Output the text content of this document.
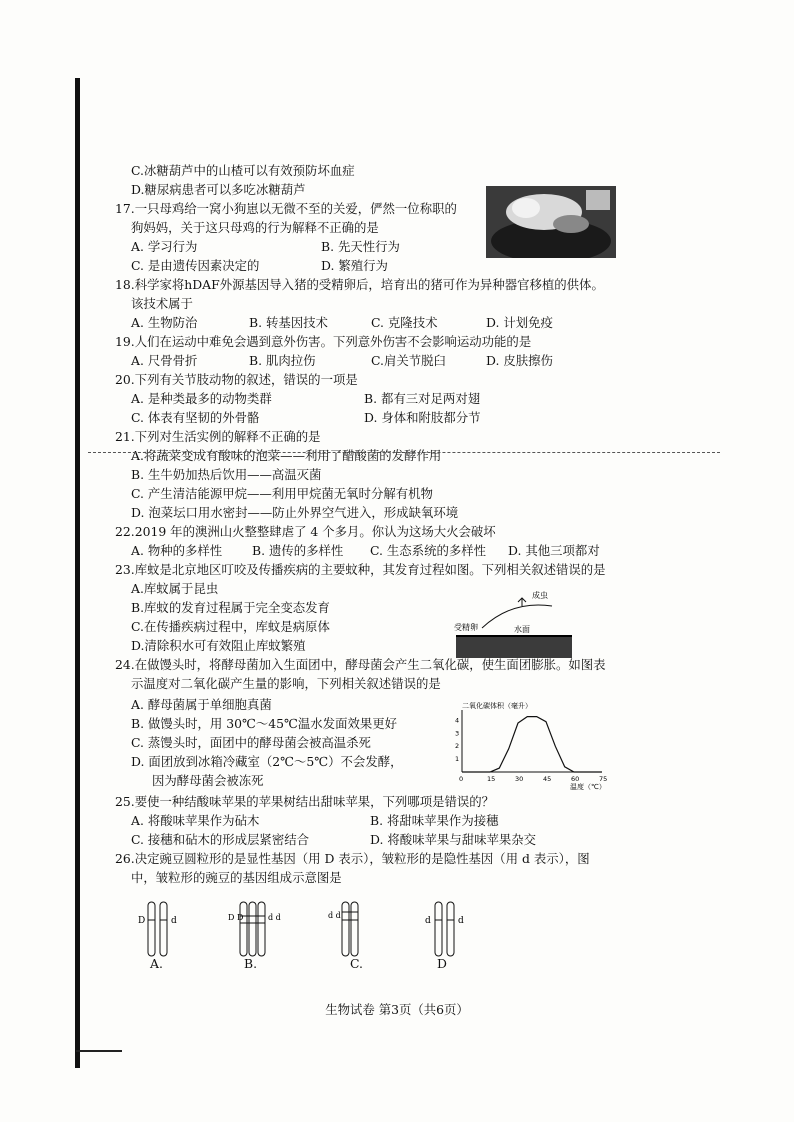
C.冰糖葫芦中的山楂可以有效预防坏血症
D.糖尿病患者可以多吃冰糖葫芦
17.一只母鸡给一窝小狗崽以无微不至的关爱，俨然一位称职的
狗妈妈，关于这只母鸡的行为解释不正确的是
A. 学习行为	B. 先天性行为
C. 是由遗传因素决定的	D. 繁殖行为
18.科学家将hDAF外源基因导入猪的受精卵后，培育出的猪可作为异种器官移植的供体。
该技术属于
A. 生物防治	B. 转基因技术	C. 克隆技术	D. 计划免疫
19.人们在运动中难免会遇到意外伤害。下列意外伤害不会影响运动功能的是
A. 尺骨骨折	B. 肌肉拉伤	C.肩关节脱臼	D. 皮肤擦伤
20.下列有关节肢动物的叙述，错误的一项是
A. 是种类最多的动物类群	B. 都有三对足两对翅
C. 体表有坚韧的外骨骼	D. 身体和附肢都分节
21.下列对生活实例的解释不正确的是
A.将蔬菜变成有酸味的泡菜——利用了醋酸菌的发酵作用
B. 生牛奶加热后饮用——高温灭菌
C. 产生清洁能源甲烷——利用甲烷菌无氧时分解有机物
D. 泡菜坛口用水密封——防止外界空气进入，形成缺氧环境
22.2019 年的澳洲山火整整肆虐了 4 个多月。你认为这场大火会破坏
A. 物种的多样性 B. 遗传的多样性 C. 生态系统的多样性 D. 其他三项都对
23.库蚊是北京地区叮咬及传播疾病的主要蚊种，其发育过程如图。下列相关叙述错误的是
A.库蚊属于昆虫
B.库蚊的发育过程属于完全变态发育
C.在传播疾病过程中，库蚊是病原体
D.清除积水可有效阻止库蚊繁殖
成虫
受精卵	水面
24.在做馒头时，将酵母菌加入生面团中，酵母菌会产生二氧化碳，使生面团膨胀。如图表
示温度对二氧化碳产生量的影响，下列相关叙述错误的是
A. 酵母菌属于单细胞真菌
B. 做馒头时，用 30℃～45℃温水发面效果更好
C. 蒸馒头时，面团中的酵母菌会被高温杀死
D. 面团放到冰箱冷藏室（2℃～5℃）不会发酵，
因为酵母菌会被冻死
二氧化碳体积（毫升）
温度（℃）
0	15	30	45	60	75
4
3
2
1
25.要使一种结酸味苹果的苹果树结出甜味苹果，下列哪项是错误的？
A. 将酸味苹果作为砧木	B. 将甜味苹果作为接穗
C. 接穗和砧木的形成层紧密结合	D. 将酸味苹果与甜味苹果杂交
26.决定豌豆圆粒形的是显性基因（用 D 表示），皱粒形的是隐性基因（用 d 表示），图
中，皱粒形的豌豆的基因组成示意图是
D	d	D D	d d	d d
d	d
A.	B.	C.	D
生物试卷 第3页（共6页）
